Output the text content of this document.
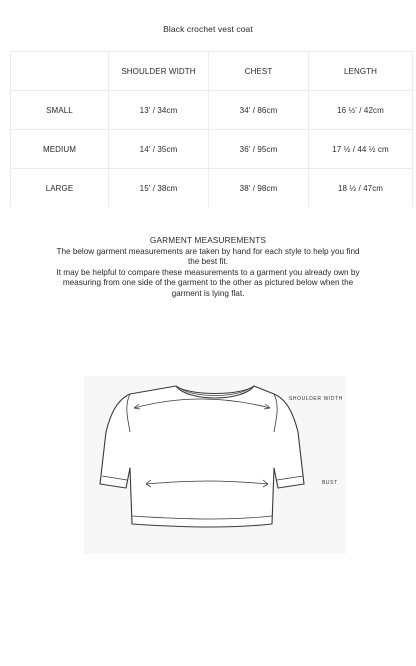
Black crochet vest coat
	SHOULDER WIDTH	CHEST	LENGTH
SMALL	13' / 34cm	34' / 86cm	16 ½' / 42cm
MEDIUM	14' / 35cm	36' / 95cm	17 ½ / 44 ½ cm
LARGE	15' / 38cm	38' / 98cm	18 ½ / 47cm
GARMENT MEASUREMENTS
The below garment measurements are taken by hand for each style to help you find
the best fit.
It may be helpful to compare these measurements to a garment you already own by
measuring from one side of the garment to the other as pictured below when the
garment is lying flat.
SHOULDER WIDTH
BUST
